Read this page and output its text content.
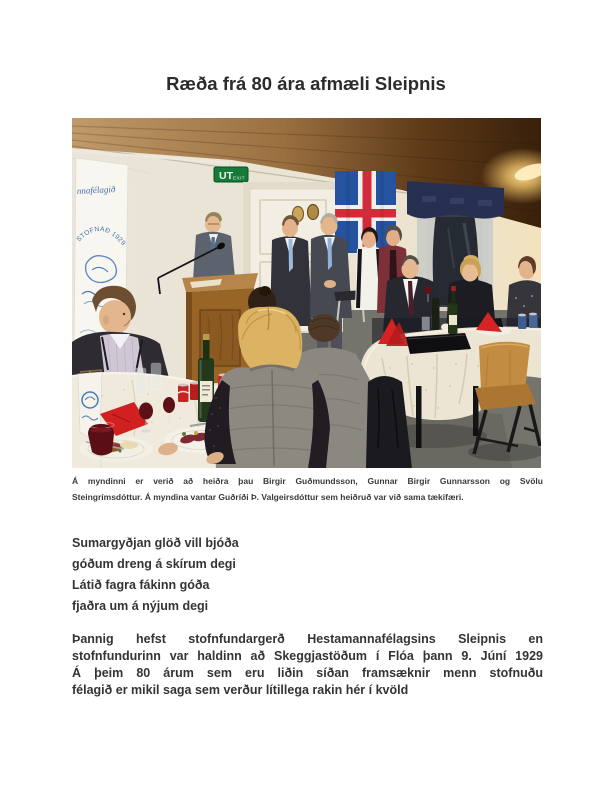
Ræða frá 80 ára afmæli Sleipnis
nnafélagið
STOFNAÐ 1929
UT EXIT
Á myndinni er verið að heiðra þau Birgir Guðmundsson, Gunnar Birgir Gunnarsson og Svölu
Steingrímsdóttur. Á myndina vantar Guðríði Þ. Valgeirsdóttur sem heiðruð var við sama tækifæri.
Sumargyðjan glöð vill bjóða
góðum dreng á skírum degi
Látið fagra fákinn góða
fjaðra um á nýjum degi
Þannig hefst stofnfundargerð Hestamannafélagsins Sleipnis en
stofnfundurinn var haldinn að Skeggjastöðum í Flóa þann 9. Júní 1929
Á þeim 80 árum sem eru liðin síðan framsæknir menn stofnuðu
félagið er mikil saga sem verður lítillega rakin hér í kvöld
